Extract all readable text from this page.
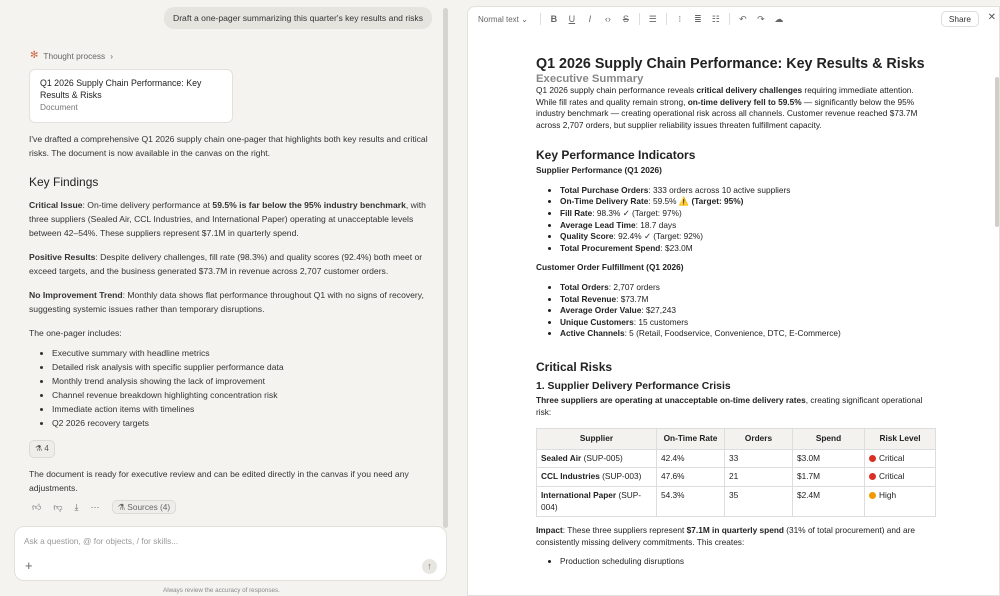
Draft a one-pager summarizing this quarter's key results and risks
✻ Thought process ›
Q1 2026 Supply Chain Performance: Key Results & Risks
Document

I've drafted a comprehensive Q1 2026 supply chain one-pager that highlights both key results and critical risks. The document is now available in the canvas on the right.

Key Findings

Critical Issue: On-time delivery performance at 59.5% is far below the 95% industry benchmark, with three suppliers (Sealed Air, CCL Industries, and International Paper) operating at unacceptable levels between 42–54%. These suppliers represent $7.1M in quarterly spend.

Positive Results: Despite delivery challenges, fill rate (98.3%) and quality scores (92.4%) both meet or exceed targets, and the business generated $73.7M in revenue across 2,707 customer orders.

No Improvement Trend: Monthly data shows flat performance throughout Q1 with no signs of recovery, suggesting systemic issues rather than temporary disruptions.

The one-pager includes:

• Executive summary with headline metrics
• Detailed risk analysis with specific supplier performance data
• Monthly trend analysis showing the lack of improvement
• Channel revenue breakdown highlighting concentration risk
• Immediate action items with timelines
• Q2 2026 recovery targets
⚗ 4

The document is ready for executive review and can be edited directly in the canvas if you need any adjustments.

👍︎ 👎︎ ⤓ ···	⚗ Sources (4)
Ask a question, @ for objects, / for skills...
+	↑
Always review the accuracy of responses.
Normal text ⌄	B U	I	‹› S ☰	⁝	≣ ☷ ↶ ↷ ☁	Share	✕
Q1 2026 Supply Chain Performance: Key Results & Risks
Executive Summary

Q1 2026 supply chain performance reveals critical delivery challenges requiring immediate attention. While fill rates and quality remain strong, on-time delivery fell to 59.5% — significantly below the 95% industry benchmark — creating operational risk across all channels. Customer revenue reached $73.7M across 2,707 orders, but supplier reliability issues threaten fulfillment capacity.

Key Performance Indicators
Supplier Performance (Q1 2026)
• Total Purchase Orders: 333 orders across 10 active suppliers
• On-Time Delivery Rate: 59.5% ⚠️ (Target: 95%)
• Fill Rate: 98.3% ✓ (Target: 97%)
• Average Lead Time: 18.7 days
• Quality Score: 92.4% ✓ (Target: 92%)
• Total Procurement Spend: $23.0M
Customer Order Fulfillment (Q1 2026)
• Total Orders: 2,707 orders
• Total Revenue: $73.7M
• Average Order Value: $27,243
• Unique Customers: 15 customers
• Active Channels: 5 (Retail, Foodservice, Convenience, DTC, E-Commerce)
Critical Risks
1. Supplier Delivery Performance Crisis

Three suppliers are operating at unacceptable on-time delivery rates, creating significant operational risk:

Supplier	On-Time Rate	Orders	Spend	Risk Level
Sealed Air (SUP-005)	42.4%	33	$3.0M	Critical
CCL Industries (SUP-003)	47.6%	21	$1.7M	Critical
International Paper (SUP-004)	54.3%	35	$2.4M	High

Impact: These three suppliers represent $7.1M in quarterly spend (31% of total procurement) and are consistently missing delivery commitments. This creates:

• Production scheduling disruptions
